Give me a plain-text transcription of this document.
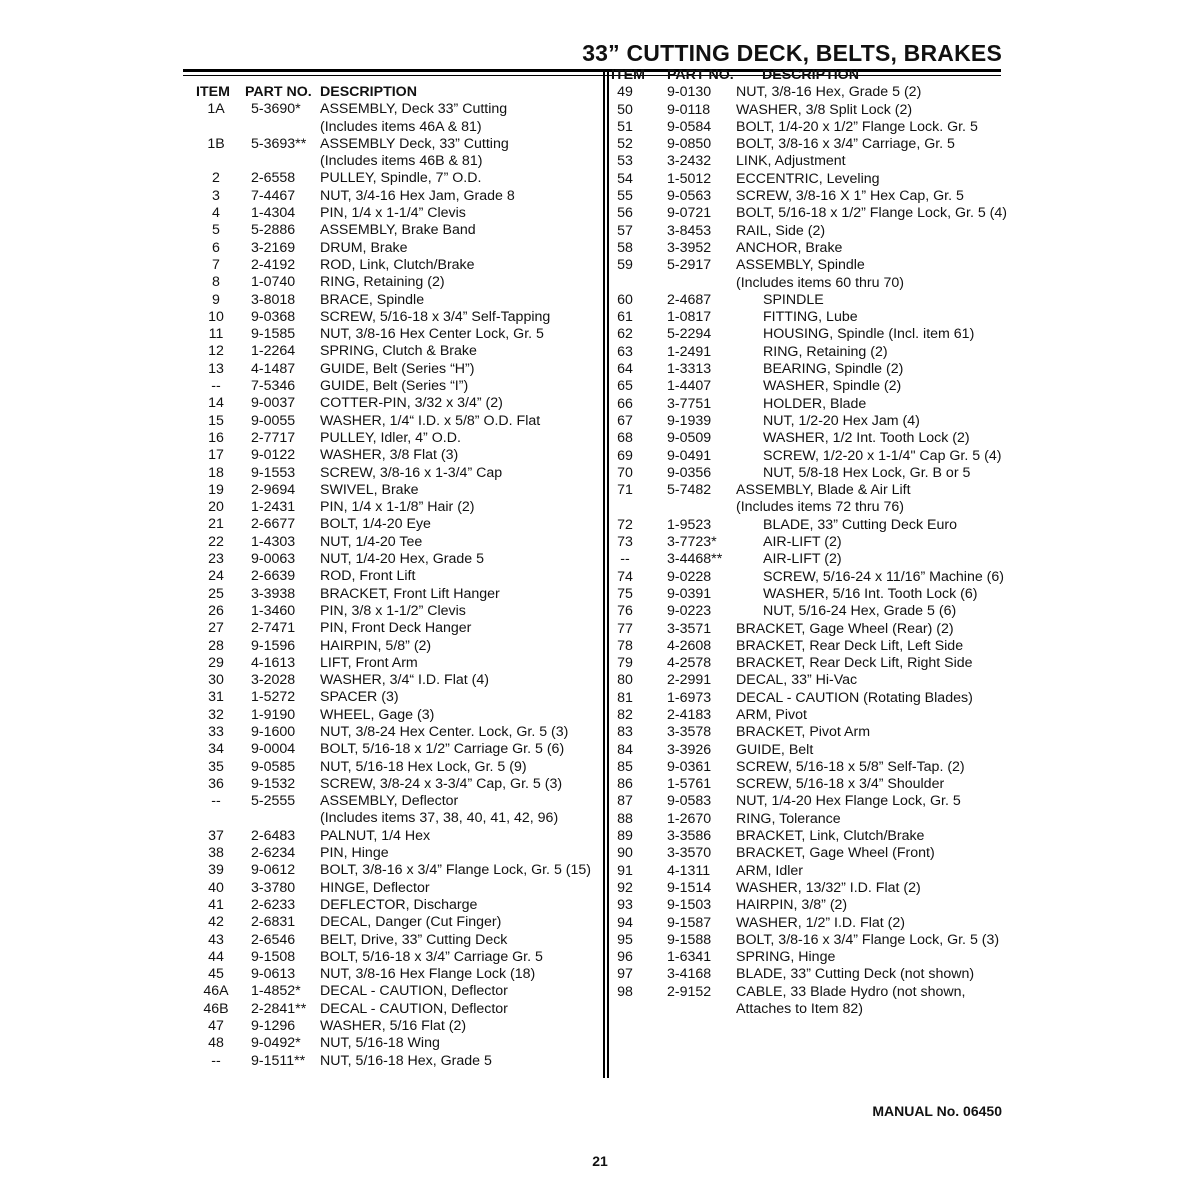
33” CUTTING DECK, BELTS, BRAKES
ITEM PART NO. DESCRIPTION
1A	5-3690* ASSEMBLY, Deck 33” Cutting
(Includes items 46A & 81)
1B	5-3693** ASSEMBLY Deck, 33” Cutting
(Includes items 46B & 81)
2	2-6558 PULLEY, Spindle, 7” O.D.
3	7-4467 NUT, 3/4-16 Hex Jam, Grade 8
4	1-4304 PIN, 1/4 x 1-1/4” Clevis
5	5-2886 ASSEMBLY, Brake Band
6	3-2169 DRUM, Brake
7	2-4192 ROD, Link, Clutch/Brake
8	1-0740 RING, Retaining (2)
9	3-8018 BRACE, Spindle
10	9-0368 SCREW, 5/16-18 x 3/4” Self-Tapping
11	9-1585 NUT, 3/8-16 Hex Center Lock, Gr. 5
12	1-2264 SPRING, Clutch & Brake
13	4-1487 GUIDE, Belt (Series “H”)
--	7-5346 GUIDE, Belt (Series “I”)
14	9-0037 COTTER-PIN, 3/32 x 3/4” (2)
15	9-0055 WASHER, 1/4“ I.D. x 5/8” O.D. Flat
16	2-7717 PULLEY, Idler, 4” O.D.
17	9-0122 WASHER, 3/8 Flat (3)
18	9-1553 SCREW, 3/8-16 x 1-3/4” Cap
19	2-9694 SWIVEL, Brake
20	1-2431 PIN, 1/4 x 1-1/8” Hair (2)
21	2-6677 BOLT, 1/4-20 Eye
22	1-4303 NUT, 1/4-20 Tee
23	9-0063 NUT, 1/4-20 Hex, Grade 5
24	2-6639 ROD, Front Lift
25	3-3938 BRACKET, Front Lift Hanger
26	1-3460 PIN, 3/8 x 1-1/2” Clevis
27	2-7471 PIN, Front Deck Hanger
28	9-1596 HAIRPIN, 5/8” (2)
29	4-1613 LIFT, Front Arm
30	3-2028 WASHER, 3/4“ I.D. Flat (4)
31	1-5272 SPACER (3)
32	1-9190 WHEEL, Gage (3)
33	9-1600 NUT, 3/8-24 Hex Center. Lock, Gr. 5 (3)
34	9-0004 BOLT, 5/16-18 x 1/2” Carriage Gr. 5 (6)
35	9-0585 NUT, 5/16-18 Hex Lock, Gr. 5 (9)
36	9-1532 SCREW, 3/8-24 x 3-3/4” Cap, Gr. 5 (3)
--	5-2555 ASSEMBLY, Deflector
(Includes items 37, 38, 40, 41, 42, 96)
37	2-6483 PALNUT, 1/4 Hex
38	2-6234 PIN, Hinge
39	9-0612 BOLT, 3/8-16 x 3/4” Flange Lock, Gr. 5 (15)
40	3-3780 HINGE, Deflector
41	2-6233 DEFLECTOR, Discharge
42	2-6831 DECAL, Danger (Cut Finger)
43	2-6546 BELT, Drive, 33” Cutting Deck
44	9-1508 BOLT, 5/16-18 x 3/4” Carriage Gr. 5
45	9-0613 NUT, 3/8-16 Hex Flange Lock (18)
46A	1-4852* DECAL - CAUTION, Deflector
46B	2-2841** DECAL - CAUTION, Deflector
47	9-1296 WASHER, 5/16 Flat (2)
48	9-0492* NUT, 5/16-18 Wing
--	9-1511** NUT, 5/16-18 Hex, Grade 5
ITEM PART NO. DESCRIPTION
49	9-0130 NUT, 3/8-16 Hex, Grade 5 (2)
50	9-0118 WASHER, 3/8 Split Lock (2)
51	9-0584 BOLT, 1/4-20 x 1/2” Flange Lock. Gr. 5
52	9-0850 BOLT, 3/8-16 x 3/4” Carriage, Gr. 5
53	3-2432 LINK, Adjustment
54	1-5012 ECCENTRIC, Leveling
55	9-0563 SCREW, 3/8-16 X 1” Hex Cap, Gr. 5
56	9-0721 BOLT, 5/16-18 x 1/2” Flange Lock, Gr. 5 (4)
57	3-8453 RAIL, Side (2)
58	3-3952 ANCHOR, Brake
59	5-2917 ASSEMBLY, Spindle
(Includes items 60 thru 70)
60	2-4687	SPINDLE
61	1-0817	FITTING, Lube
62	5-2294	HOUSING, Spindle (Incl. item 61)
63	1-2491	RING, Retaining (2)
64	1-3313	BEARING, Spindle (2)
65	1-4407	WASHER, Spindle (2)
66	3-7751	HOLDER, Blade
67	9-1939	NUT, 1/2-20 Hex Jam (4)
68	9-0509	WASHER, 1/2 Int. Tooth Lock (2)
69	9-0491	SCREW, 1/2-20 x 1-1/4" Cap Gr. 5 (4)
70	9-0356	NUT, 5/8-18 Hex Lock, Gr. B or 5
71	5-7482 ASSEMBLY, Blade & Air Lift
(Includes items 72 thru 76)
72	1-9523	BLADE, 33” Cutting Deck Euro
73	3-7723*	AIR-LIFT (2)
--	3-4468**	AIR-LIFT (2)
74	9-0228	SCREW, 5/16-24 x 11/16” Machine (6)
75	9-0391	WASHER, 5/16 Int. Tooth Lock (6)
76	9-0223	NUT, 5/16-24 Hex, Grade 5 (6)
77	3-3571 BRACKET, Gage Wheel (Rear) (2)
78	4-2608 BRACKET, Rear Deck Lift, Left Side
79	4-2578 BRACKET, Rear Deck Lift, Right Side
80	2-2991 DECAL, 33” Hi-Vac
81	1-6973 DECAL - CAUTION (Rotating Blades)
82	2-4183 ARM, Pivot
83	3-3578 BRACKET, Pivot Arm
84	3-3926 GUIDE, Belt
85	9-0361 SCREW, 5/16-18 x 5/8” Self-Tap. (2)
86	1-5761 SCREW, 5/16-18 x 3/4” Shoulder
87	9-0583 NUT, 1/4-20 Hex Flange Lock, Gr. 5
88	1-2670 RING, Tolerance
89	3-3586 BRACKET, Link, Clutch/Brake
90	3-3570 BRACKET, Gage Wheel (Front)
91	4-1311 ARM, Idler
92	9-1514 WASHER, 13/32” I.D. Flat (2)
93	9-1503 HAIRPIN, 3/8” (2)
94	9-1587 WASHER, 1/2” I.D. Flat (2)
95	9-1588 BOLT, 3/8-16 x 3/4” Flange Lock, Gr. 5 (3)
96	1-6341 SPRING, Hinge
97	3-4168 BLADE, 33” Cutting Deck (not shown)
98	2-9152 CABLE, 33 Blade Hydro (not shown,
Attaches to Item 82)
MANUAL No. 06450
21
